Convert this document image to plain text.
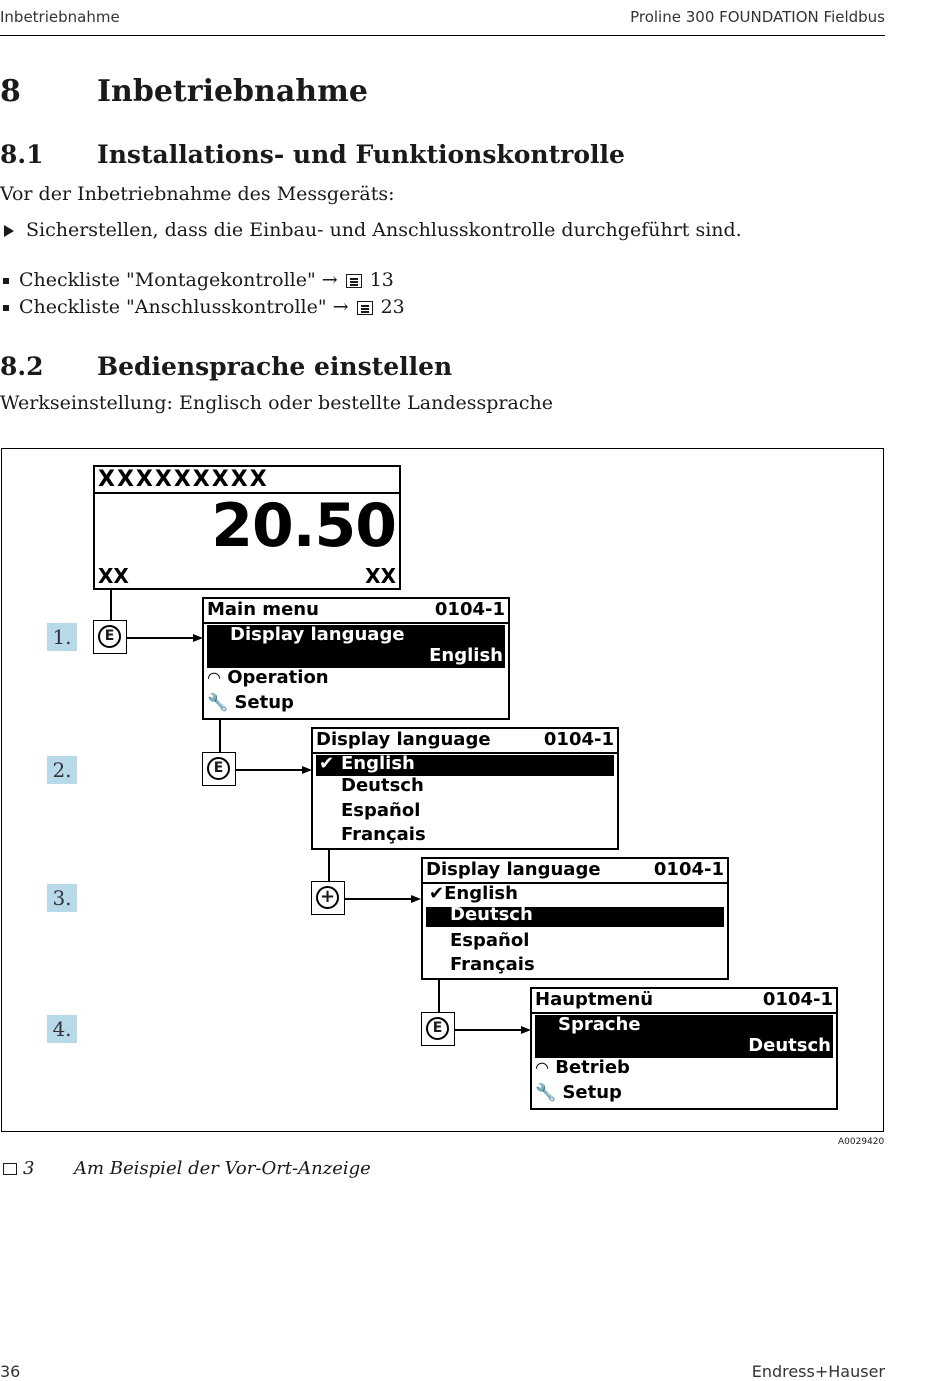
Inbetriebnahme	Proline 300 FOUNDATION Fieldbus
8	Inbetriebnahme
8.1 Installations- und Funktionskontrolle
Vor der Inbetriebnahme des Messgeräts:
Sicherstellen, dass die Einbau- und Anschlusskontrolle durchgeführt sind.
Checkliste "Montagekontrolle" → 13
Checkliste "Anschlusskontrolle" → 23
8.2 Bediensprache einstellen
Werkseinstellung: Englisch oder bestellte Landessprache
XXXXXXXXX
20.50
XX	XX
1.
2.
3.
4.
E
Main menu	0104-1
Display language
English
◠ Operation
🔧 Setup
E
Display language	0104-1
✔ English
Deutsch
Español
Français
+
Display language	0104-1
✔English
Deutsch
Español
Français
E
Hauptmenü	0104-1
Sprache
Deutsch
◠ Betrieb
🔧 Setup
A0029420
3 Am Beispiel der Vor-Ort-Anzeige
36	Endress+Hauser
